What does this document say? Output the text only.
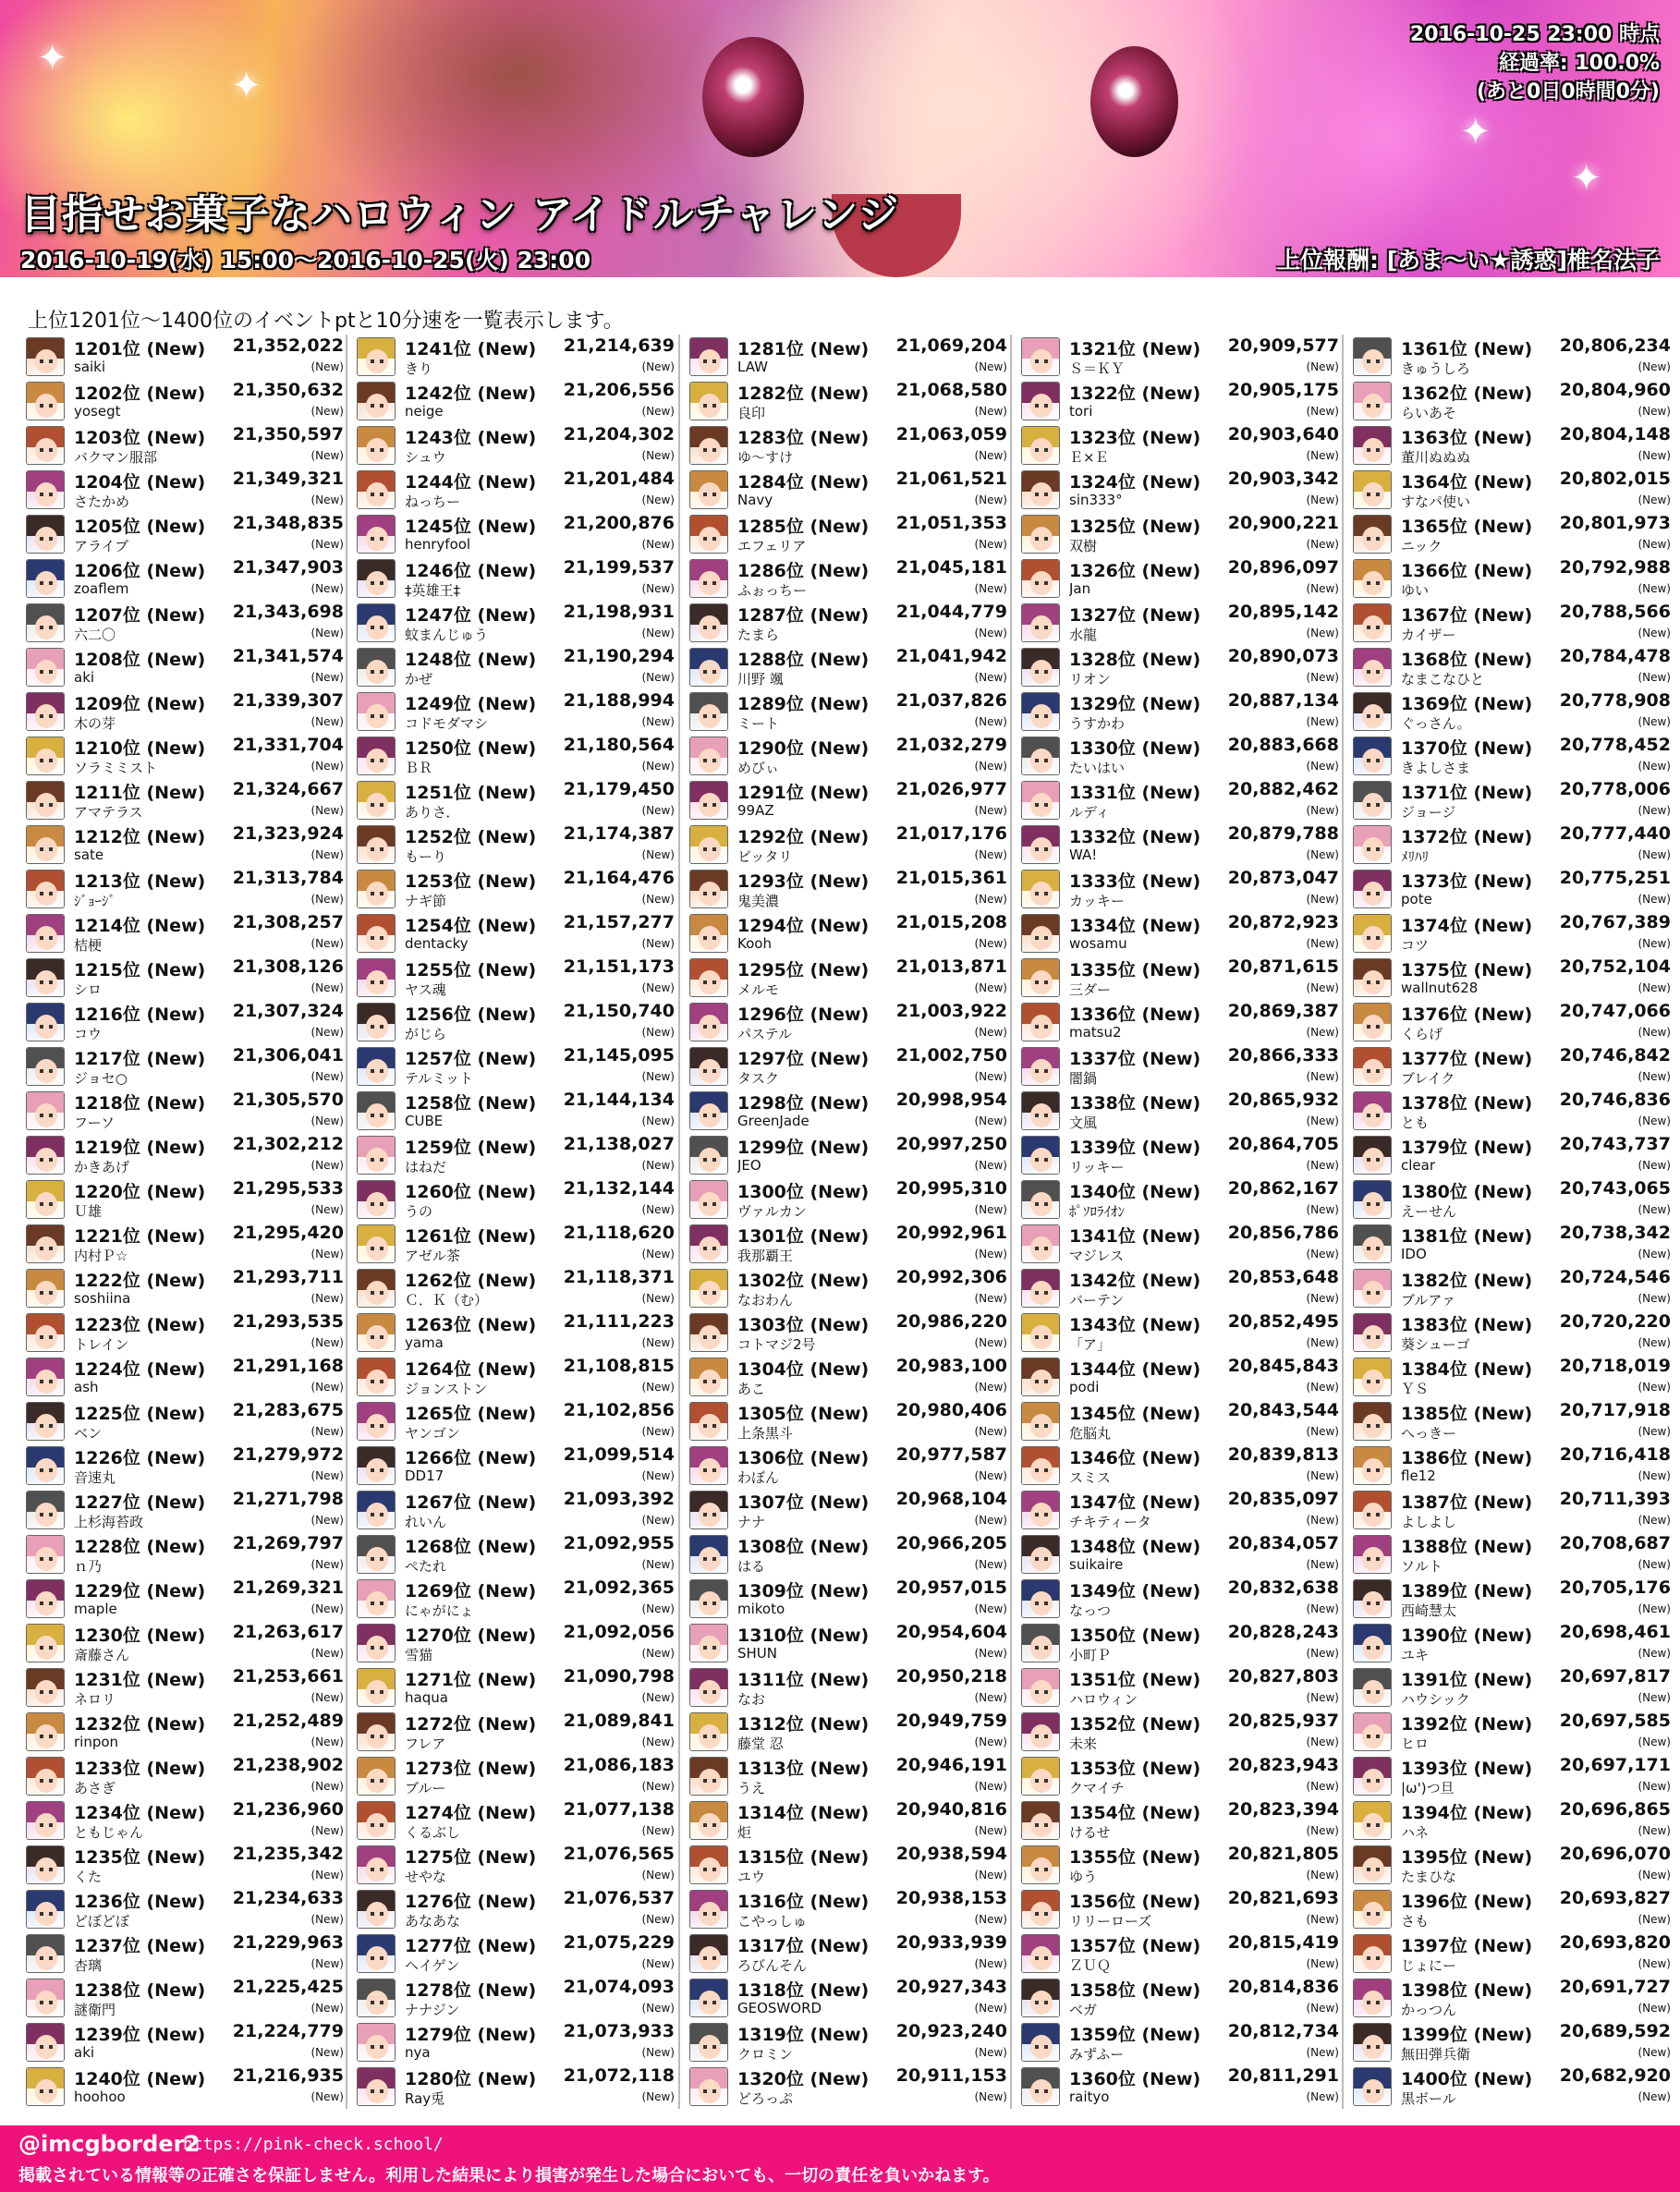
✦
✦
✦
✦
2016-10-25 23:00 時点
経過率: 100.0%
(あと0日0時間0分)
目指せお菓子なハロウィン アイドルチャレンジ
2016-10-19(水) 15:00～2016-10-25(火) 23:00	上位報酬: [あま～い★誘惑]椎名法子
上位1201位～1400位のイベントptと10分速を一覧表示します。
1201位 (New) 21,352,022
saiki	(New)
1202位 (New) 21,350,632
yosegt	(New)
1203位 (New) 21,350,597
バクマン服部	(New)
1204位 (New) 21,349,321
さたかめ	(New)
1205位 (New) 21,348,835
アライブ	(New)
1206位 (New) 21,347,903
zoaflem	(New)
1207位 (New) 21,343,698
六二〇	(New)
1208位 (New) 21,341,574
aki	(New)
1209位 (New) 21,339,307
木の芽	(New)
1210位 (New) 21,331,704
ソラミミスト	(New)
1211位 (New) 21,324,667
アマテラス	(New)
1212位 (New) 21,323,924
sate	(New)
1213位 (New) 21,313,784
ｼﾞｮｰｼﾞ	(New)
1214位 (New) 21,308,257
桔梗	(New)
1215位 (New) 21,308,126
シロ	(New)
1216位 (New) 21,307,324
コウ	(New)
1217位 (New) 21,306,041
ジョセ○	(New)
1218位 (New) 21,305,570
フーソ	(New)
1219位 (New) 21,302,212
かきあげ	(New)
1220位 (New) 21,295,533
Ｕ雄	(New)
1221位 (New) 21,295,420
内村Ｐ☆	(New)
1222位 (New) 21,293,711
soshiina	(New)
1223位 (New) 21,293,535
トレイン	(New)
1224位 (New) 21,291,168
ash	(New)
1225位 (New) 21,283,675
ベン	(New)
1226位 (New) 21,279,972
音速丸	(New)
1227位 (New) 21,271,798
上杉海苔政	(New)
1228位 (New) 21,269,797
ｎ乃	(New)
1229位 (New) 21,269,321
maple	(New)
1230位 (New) 21,263,617
斎藤さん	(New)
1231位 (New) 21,253,661
ネロリ	(New)
1232位 (New) 21,252,489
rinpon	(New)
1233位 (New) 21,238,902
あさぎ	(New)
1234位 (New) 21,236,960
ともじゃん	(New)
1235位 (New) 21,235,342
くた	(New)
1236位 (New) 21,234,633
どぼどぼ	(New)
1237位 (New) 21,229,963
杏璃	(New)
1238位 (New) 21,225,425
謎衛門	(New)
1239位 (New) 21,224,779
aki	(New)
1240位 (New) 21,216,935
hoohoo	(New)
1241位 (New) 21,214,639
きり	(New)
1242位 (New) 21,206,556
neige	(New)
1243位 (New) 21,204,302
シュウ	(New)
1244位 (New) 21,201,484
ねっちー	(New)
1245位 (New) 21,200,876
henryfool	(New)
1246位 (New) 21,199,537
‡英雄王‡	(New)
1247位 (New) 21,198,931
蚊まんじゅう	(New)
1248位 (New) 21,190,294
かぜ	(New)
1249位 (New) 21,188,994
コドモダマシ	(New)
1250位 (New) 21,180,564
ＢＲ	(New)
1251位 (New) 21,179,450
ありさ．	(New)
1252位 (New) 21,174,387
もーり	(New)
1253位 (New) 21,164,476
ナギ節	(New)
1254位 (New) 21,157,277
dentacky	(New)
1255位 (New) 21,151,173
ヤス魂	(New)
1256位 (New) 21,150,740
がじら	(New)
1257位 (New) 21,145,095
テルミット	(New)
1258位 (New) 21,144,134
CUBE	(New)
1259位 (New) 21,138,027
はねだ	(New)
1260位 (New) 21,132,144
うの	(New)
1261位 (New) 21,118,620
アゼル茶	(New)
1262位 (New) 21,118,371
Ｃ．Ｋ（む）	(New)
1263位 (New) 21,111,223
yama	(New)
1264位 (New) 21,108,815
ジョンストン	(New)
1265位 (New) 21,102,856
ヤンゴン	(New)
1266位 (New) 21,099,514
DD17	(New)
1267位 (New) 21,093,392
れいん	(New)
1268位 (New) 21,092,955
ぺたれ	(New)
1269位 (New) 21,092,365
にゃがにょ	(New)
1270位 (New) 21,092,056
雪猫	(New)
1271位 (New) 21,090,798
haqua	(New)
1272位 (New) 21,089,841
フレア	(New)
1273位 (New) 21,086,183
ブルー	(New)
1274位 (New) 21,077,138
くるぶし	(New)
1275位 (New) 21,076,565
せやな	(New)
1276位 (New) 21,076,537
あなあな	(New)
1277位 (New) 21,075,229
ヘイゲン	(New)
1278位 (New) 21,074,093
ナナジン	(New)
1279位 (New) 21,073,933
nya	(New)
1280位 (New) 21,072,118
Ray兎	(New)
1281位 (New) 21,069,204
LAW	(New)
1282位 (New) 21,068,580
良印	(New)
1283位 (New) 21,063,059
ゆ～すけ	(New)
1284位 (New) 21,061,521
Navy	(New)
1285位 (New) 21,051,353
エフェリア	(New)
1286位 (New) 21,045,181
ふぉっちー	(New)
1287位 (New) 21,044,779
たまら	(New)
1288位 (New) 21,041,942
川野 颯	(New)
1289位 (New) 21,037,826
ミート	(New)
1290位 (New) 21,032,279
めびぃ	(New)
1291位 (New) 21,026,977
99AZ	(New)
1292位 (New) 21,017,176
ピッタリ	(New)
1293位 (New) 21,015,361
鬼美濃	(New)
1294位 (New) 21,015,208
Kooh	(New)
1295位 (New) 21,013,871
メルモ	(New)
1296位 (New) 21,003,922
パステル	(New)
1297位 (New) 21,002,750
タスク	(New)
1298位 (New) 20,998,954
GreenJade	(New)
1299位 (New) 20,997,250
JEO	(New)
1300位 (New) 20,995,310
ヴァルカン	(New)
1301位 (New) 20,992,961
我那覇王	(New)
1302位 (New) 20,992,306
なおわん	(New)
1303位 (New) 20,986,220
コトマジ2号	(New)
1304位 (New) 20,983,100
あこ	(New)
1305位 (New) 20,980,406
上条黒斗	(New)
1306位 (New) 20,977,587
わぼん	(New)
1307位 (New) 20,968,104
ナナ	(New)
1308位 (New) 20,966,205
はる	(New)
1309位 (New) 20,957,015
mikoto	(New)
1310位 (New) 20,954,604
SHUN	(New)
1311位 (New) 20,950,218
なお	(New)
1312位 (New) 20,949,759
藤堂 忍	(New)
1313位 (New) 20,946,191
うえ	(New)
1314位 (New) 20,940,816
炬	(New)
1315位 (New) 20,938,594
ユウ	(New)
1316位 (New) 20,938,153
こやっしゅ	(New)
1317位 (New) 20,933,939
ろびんそん	(New)
1318位 (New) 20,927,343
GEOSWORD	(New)
1319位 (New) 20,923,240
クロミン	(New)
1320位 (New) 20,911,153
どろっぷ	(New)
1321位 (New) 20,909,577
Ｓ＝ＫＹ	(New)
1322位 (New) 20,905,175
tori	(New)
1323位 (New) 20,903,640
Ｅ×Ｅ	(New)
1324位 (New) 20,903,342
sin333°	(New)
1325位 (New) 20,900,221
双樹	(New)
1326位 (New) 20,896,097
Jan	(New)
1327位 (New) 20,895,142
水龍	(New)
1328位 (New) 20,890,073
リオン	(New)
1329位 (New) 20,887,134
うすかわ	(New)
1330位 (New) 20,883,668
たいはい	(New)
1331位 (New) 20,882,462
ルディ	(New)
1332位 (New) 20,879,788
WA!	(New)
1333位 (New) 20,873,047
カッキー	(New)
1334位 (New) 20,872,923
wosamu	(New)
1335位 (New) 20,871,615
三ダー	(New)
1336位 (New) 20,869,387
matsu2	(New)
1337位 (New) 20,866,333
闇鍋	(New)
1338位 (New) 20,865,932
文風	(New)
1339位 (New) 20,864,705
リッキー	(New)
1340位 (New) 20,862,167
ﾎﾟｿﾛﾗｲｵﾝ	(New)
1341位 (New) 20,856,786
マジレス	(New)
1342位 (New) 20,853,648
バーテン	(New)
1343位 (New) 20,852,495
「ア」	(New)
1344位 (New) 20,845,843
podi	(New)
1345位 (New) 20,843,544
危脳丸	(New)
1346位 (New) 20,839,813
スミス	(New)
1347位 (New) 20,835,097
チキティータ	(New)
1348位 (New) 20,834,057
suikaire	(New)
1349位 (New) 20,832,638
なっつ	(New)
1350位 (New) 20,828,243
小町Ｐ	(New)
1351位 (New) 20,827,803
ハロウィン	(New)
1352位 (New) 20,825,937
未来	(New)
1353位 (New) 20,823,943
クマイチ	(New)
1354位 (New) 20,823,394
けるせ	(New)
1355位 (New) 20,821,805
ゆう	(New)
1356位 (New) 20,821,693
リリーローズ	(New)
1357位 (New) 20,815,419
ＺＵＱ	(New)
1358位 (New) 20,814,836
ベガ	(New)
1359位 (New) 20,812,734
みずふー	(New)
1360位 (New) 20,811,291
raityo	(New)
1361位 (New) 20,806,234
きゅうしろ	(New)
1362位 (New) 20,804,960
らいあそ	(New)
1363位 (New) 20,804,148
董川ぬぬぬ	(New)
1364位 (New) 20,802,015
すなパ使い	(New)
1365位 (New) 20,801,973
ニック	(New)
1366位 (New) 20,792,988
ゆい	(New)
1367位 (New) 20,788,566
カイザー	(New)
1368位 (New) 20,784,478
なまこなひと	(New)
1369位 (New) 20,778,908
ぐっさん。	(New)
1370位 (New) 20,778,452
きよしさま	(New)
1371位 (New) 20,778,006
ジョージ	(New)
1372位 (New) 20,777,440
ﾒﾘﾊﾘ	(New)
1373位 (New) 20,775,251
pote	(New)
1374位 (New) 20,767,389
コツ	(New)
1375位 (New) 20,752,104
wallnut628	(New)
1376位 (New) 20,747,066
くらげ	(New)
1377位 (New) 20,746,842
ブレイク	(New)
1378位 (New) 20,746,836
とも	(New)
1379位 (New) 20,743,737
clear	(New)
1380位 (New) 20,743,065
えーせん	(New)
1381位 (New) 20,738,342
IDO	(New)
1382位 (New) 20,724,546
ブルアァ	(New)
1383位 (New) 20,720,220
葵シューゴ	(New)
1384位 (New) 20,718,019
ＹＳ	(New)
1385位 (New) 20,717,918
へっきー	(New)
1386位 (New) 20,716,418
fle12	(New)
1387位 (New) 20,711,393
よしよし	(New)
1388位 (New) 20,708,687
ソルト	(New)
1389位 (New) 20,705,176
西崎慧太	(New)
1390位 (New) 20,698,461
ユキ	(New)
1391位 (New) 20,697,817
ハウシック	(New)
1392位 (New) 20,697,585
ヒロ	(New)
1393位 (New) 20,697,171
|ω')つ旦	(New)
1394位 (New) 20,696,865
ハネ	(New)
1395位 (New) 20,696,070
たまひな	(New)
1396位 (New) 20,693,827
さも	(New)
1397位 (New) 20,693,820
じょにー	(New)
1398位 (New) 20,691,727
かっつん	(New)
1399位 (New) 20,689,592
無田弾兵衛	(New)
1400位 (New) 20,682,920
黒ボール	(New)
@imcgborder2
https://pink-check.school/
掲載されている情報等の正確さを保証しません。利用した結果により損害が発生した場合においても、一切の責任を負いかねます。
